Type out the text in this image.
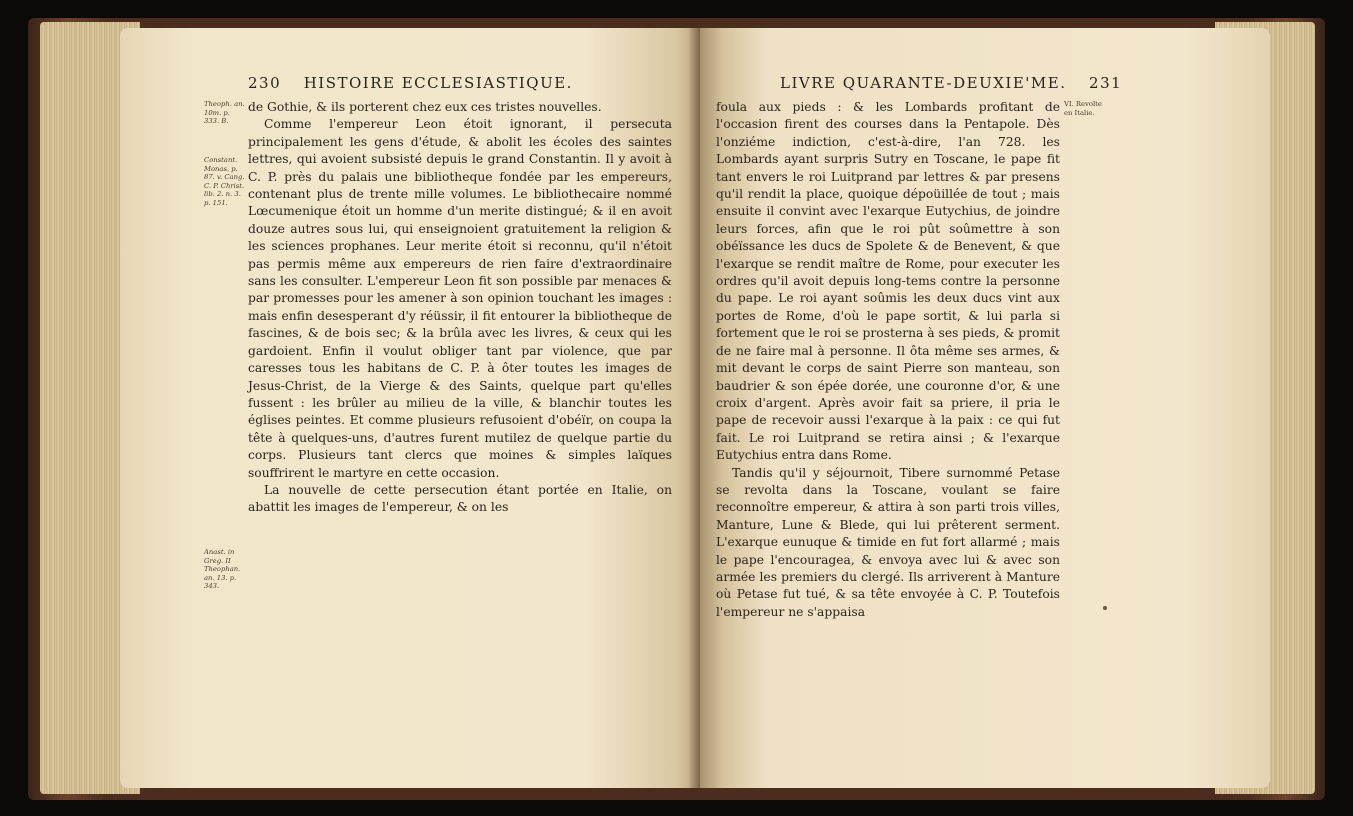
230 HISTOIRE ECCLESIASTIQUE.

Theoph. an. 10m. p. 333. B.

Constant. Monas. p. 87. v. Cang. C. P. Christ. lib. 2. n. 3. p. 151.

Anast. in Greg. II Theophan. an. 13. p. 343.

de Gothie, & ils porterent chez eux ces tristes nouvelles.

Comme l'empereur Leon étoit ignorant, il persecuta principalement les gens d'étude, & abolit les écoles des saintes lettres, qui avoient subsisté depuis le grand Constantin. Il y avoit à C. P. près du palais une bibliotheque fondée par les empereurs, contenant plus de trente mille volumes. Le bibliothecaire nommé Lœcumenique étoit un homme d'un merite distingué; & il en avoit douze autres sous lui, qui enseignoient gratuitement la religion & les sciences prophanes. Leur merite étoit si reconnu, qu'il n'étoit pas permis même aux empereurs de rien faire d'extraordinaire sans les consulter. L'empereur Leon fit son possible par menaces & par promesses pour les amener à son opinion touchant les images : mais enfin desesperant d'y réüssir, il fit entourer la bibliotheque de fascines, & de bois sec; & la brûla avec les livres, & ceux qui les gardoient. Enfin il voulut obliger tant par violence, que par caresses tous les habitans de C. P. à ôter toutes les images de Jesus-Christ, de la Vierge & des Saints, quelque part qu'elles fussent : les brûler au milieu de la ville, & blanchir toutes les églises peintes. Et comme plusieurs refusoient d'obéïr, on coupa la tête à quelques-uns, d'autres furent mutilez de quelque partie du corps. Plusieurs tant clercs que moines & simples laïques souffrirent le martyre en cette occasion.

La nouvelle de cette persecution étant portée en Italie, on abattit les images de l'empereur, & on les

LIVRE QUARANTE-DEUXIE'ME. 231

VI. Revolte en Italie.

foula aux pieds : & les Lombards profitant de l'occasion firent des courses dans la Pentapole. Dès l'onziéme indiction, c'est-à-dire, l'an 728. les Lombards ayant surpris Sutry en Toscane, le pape fit tant envers le roi Luitprand par lettres & par presens qu'il rendit la place, quoique dépoüillée de tout ; mais ensuite il convint avec l'exarque Eutychius, de joindre leurs forces, afin que le roi pût soûmettre à son obéïssance les ducs de Spolete & de Benevent, & que l'exarque se rendit maître de Rome, pour executer les ordres qu'il avoit depuis long-tems contre la personne du pape. Le roi ayant soûmis les deux ducs vint aux portes de Rome, d'où le pape sortit, & lui parla si fortement que le roi se prosterna à ses pieds, & promit de ne faire mal à personne. Il ôta même ses armes, & mit devant le corps de saint Pierre son manteau, son baudrier & son épée dorée, une couronne d'or, & une croix d'argent. Après avoir fait sa priere, il pria le pape de recevoir aussi l'exarque à la paix : ce qui fut fait. Le roi Luitprand se retira ainsi ; & l'exarque Eutychius entra dans Rome.

Tandis qu'il y séjournoit, Tibere surnommé Petase se revolta dans la Toscane, voulant se faire reconnoître empereur, & attira à son parti trois villes, Manture, Lune & Blede, qui lui prêterent serment. L'exarque eunuque & timide en fut fort allarmé ; mais le pape l'encouragea, & envoya avec lui & avec son armée les premiers du clergé. Ils arriverent à Manture où Petase fut tué, & sa tête envoyée à C. P. Toutefois l'empereur ne s'appaisa
